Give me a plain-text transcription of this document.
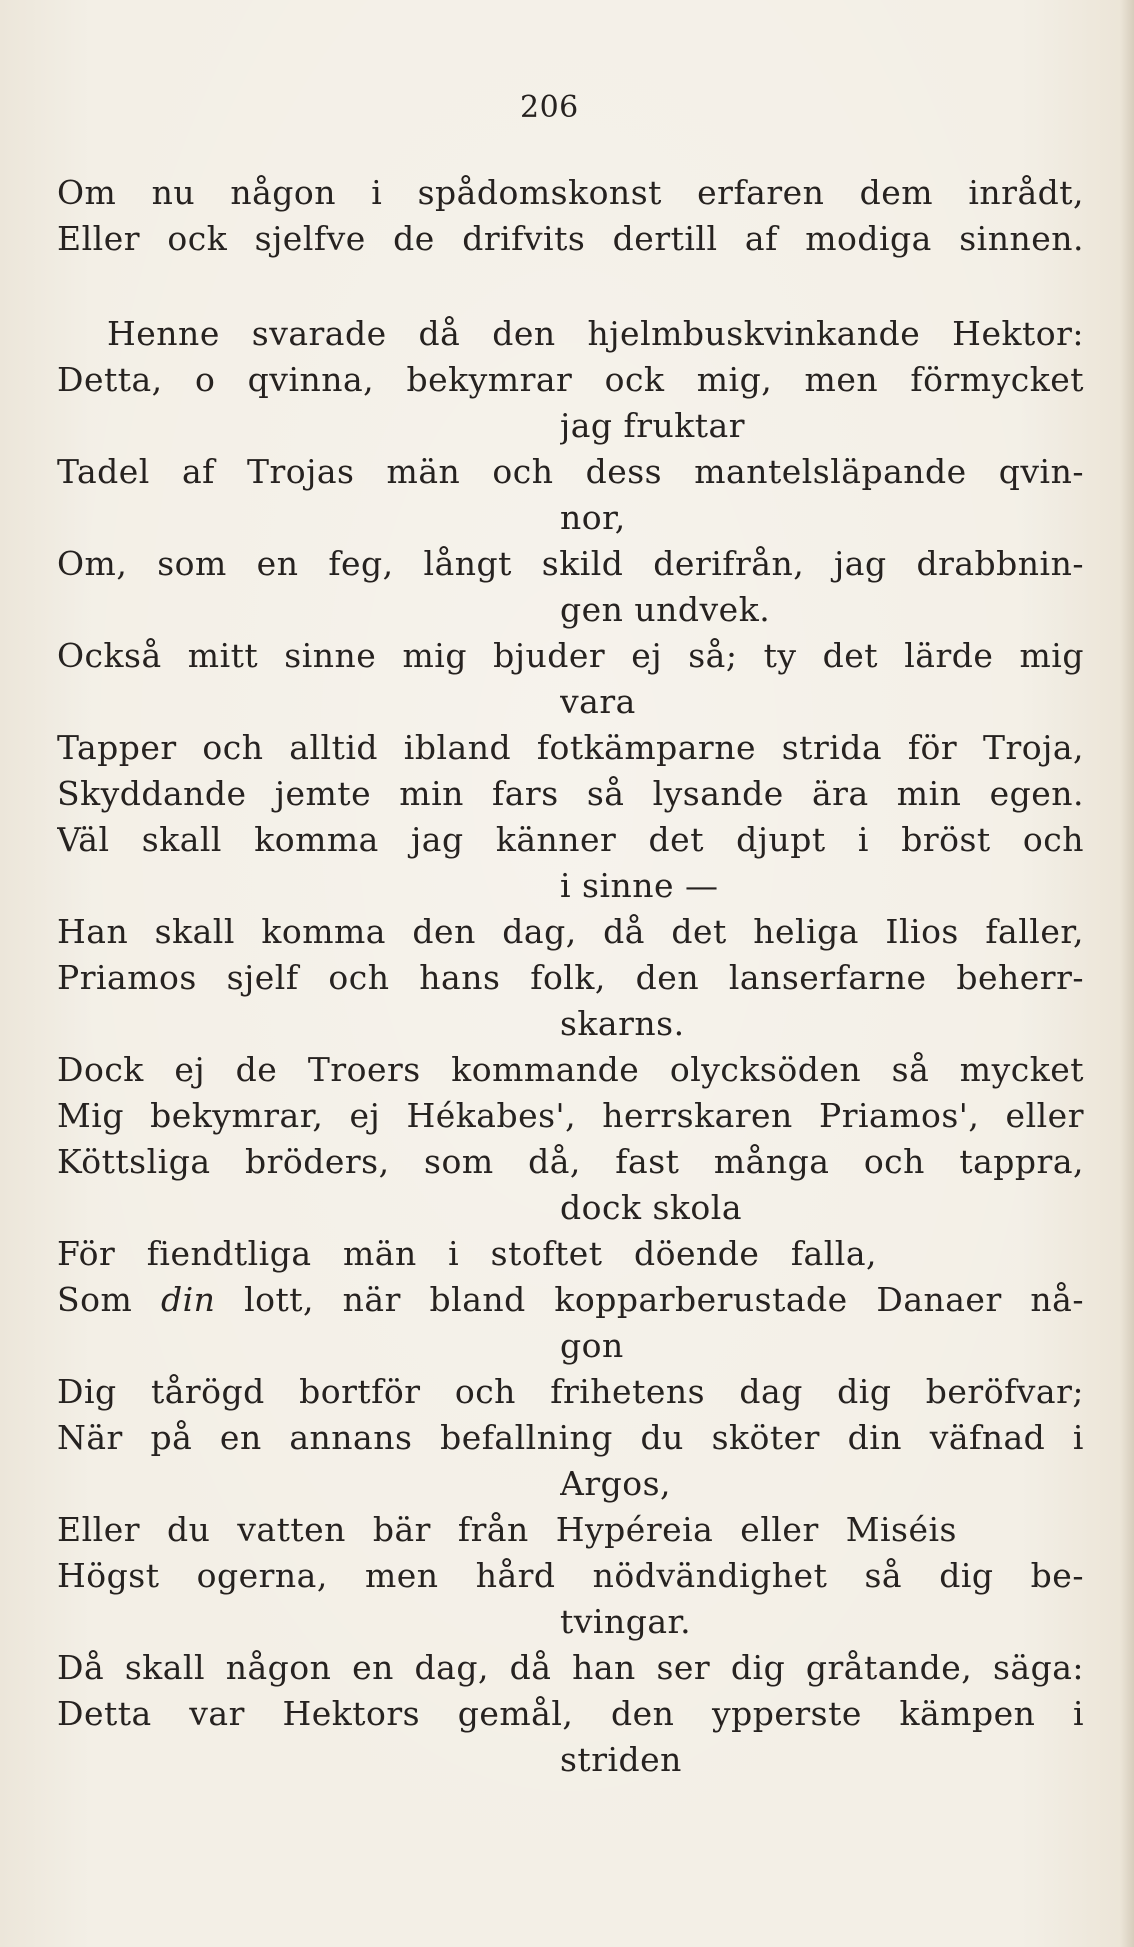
206
Om nu någon i spådomskonst erfaren dem inrådt,
Eller ock sjelfve de drifvits dertill af modiga sinnen.
Henne svarade då den hjelmbuskvinkande Hektor:
Detta, o qvinna, bekymrar ock mig, men förmycket
jag fruktar
Tadel af Trojas män och dess mantelsläpande qvin-
nor,
Om, som en feg, långt skild derifrån, jag drabbnin-
gen undvek.
Också mitt sinne mig bjuder ej så; ty det lärde mig
vara
Tapper och alltid ibland fotkämparne strida för Troja,
Skyddande jemte min fars så lysande ära min egen.
Väl skall komma jag känner det djupt i bröst och
i sinne —
Han skall komma den dag, då det heliga Ilios faller,
Priamos sjelf och hans folk, den lanserfarne beherr-
skarns.
Dock ej de Troers kommande olycksöden så mycket
Mig bekymrar, ej Hékabes', herrskaren Priamos', eller
Köttsliga bröders, som då, fast många och tappra,
dock skola
För fiendtliga män i stoftet döende falla,
Som din lott, när bland kopparberustade Danaer nå-
gon
Dig tårögd bortför och frihetens dag dig beröfvar;
När på en annans befallning du sköter din väfnad i
Argos,
Eller du vatten bär från Hypéreia eller Miséis
Högst ogerna, men hård nödvändighet så dig be-
tvingar.
Då skall någon en dag, då han ser dig gråtande, säga:
Detta var Hektors gemål, den ypperste kämpen i
striden
